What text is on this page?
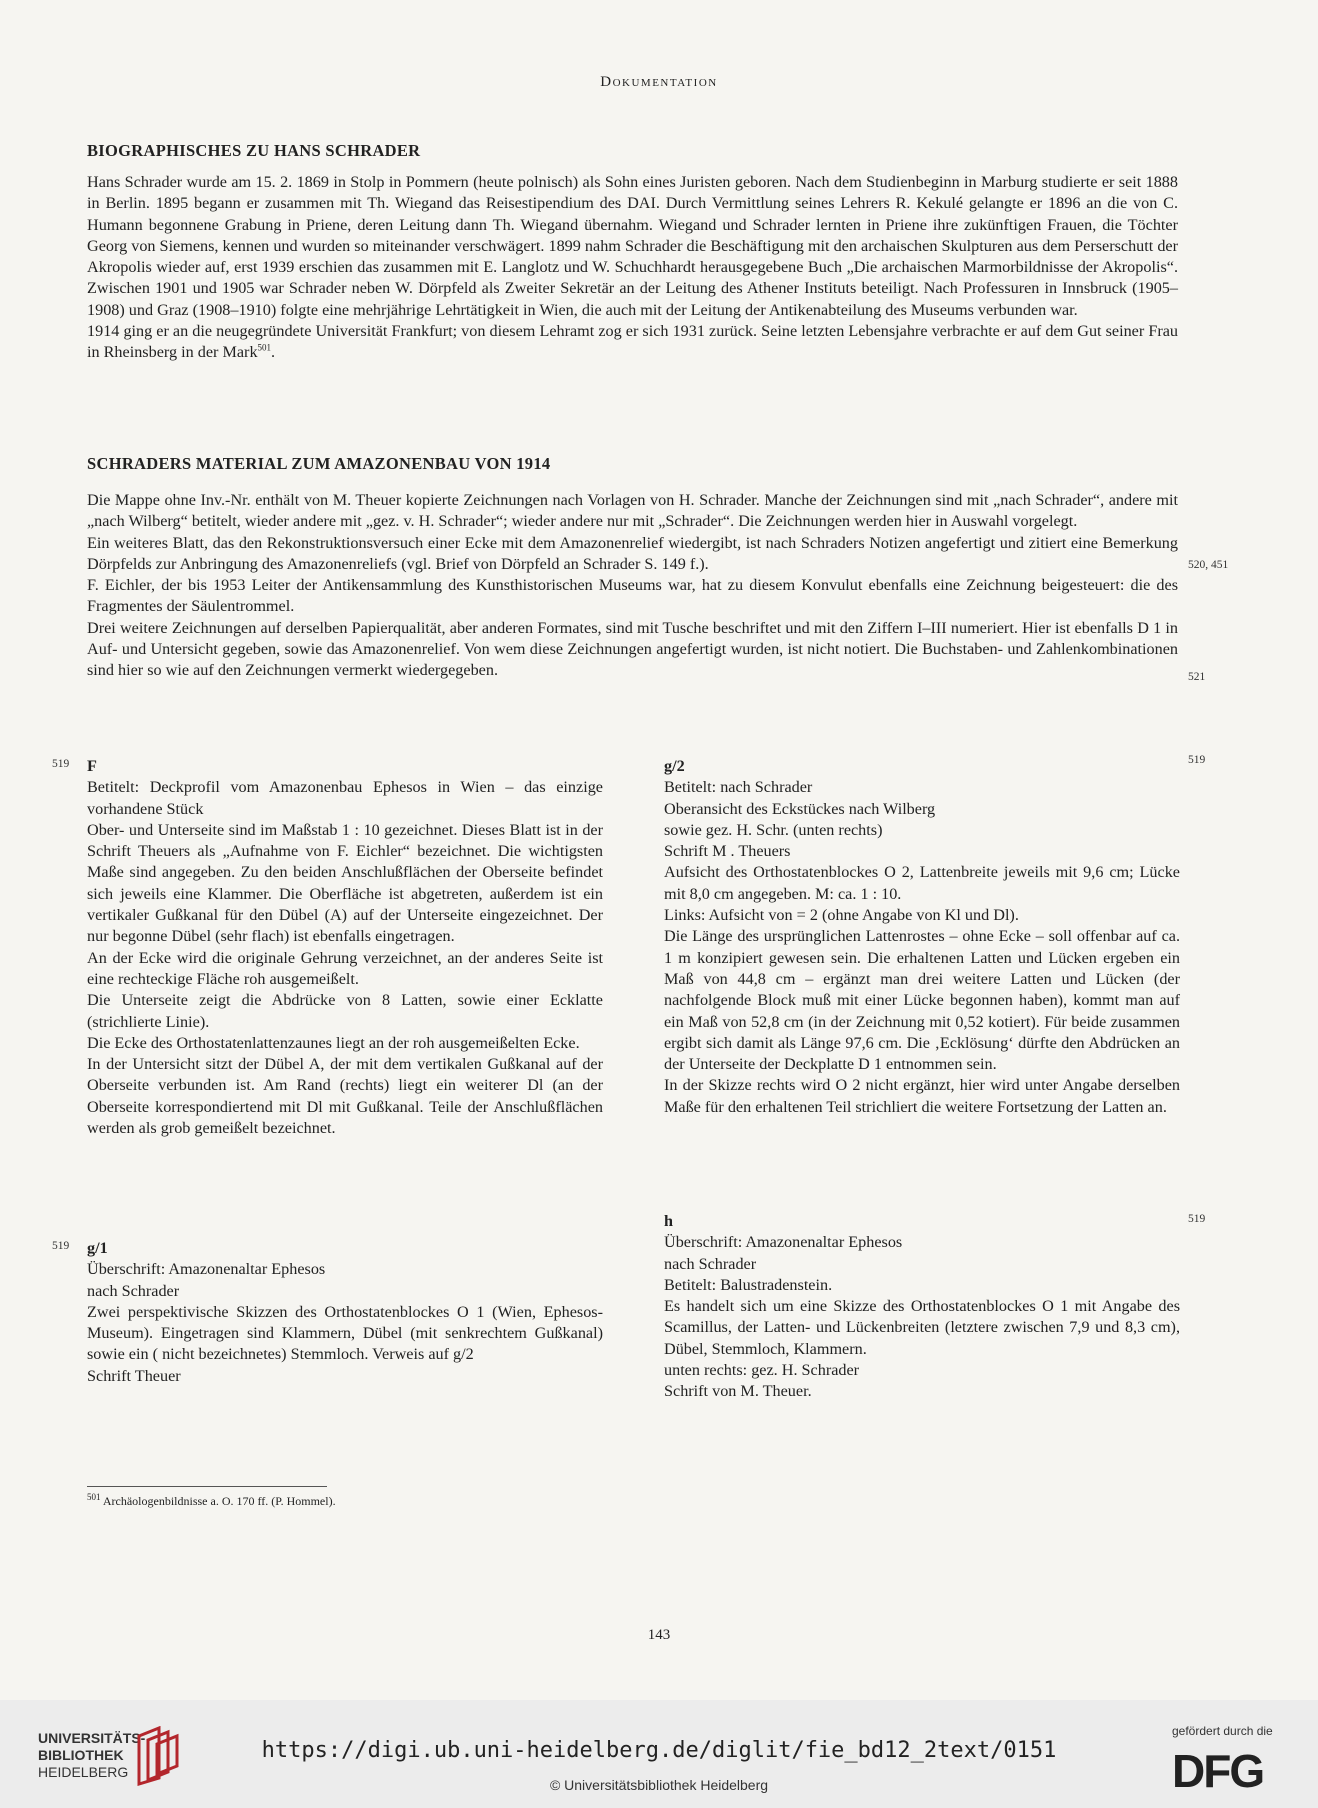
Dokumentation
BIOGRAPHISCHES ZU HANS SCHRADER

Hans Schrader wurde am 15. 2. 1869 in Stolp in Pommern (heute polnisch) als Sohn eines Juristen geboren. Nach dem Studienbeginn in Marburg studierte er seit 1888 in Berlin. 1895 begann er zusammen mit Th. Wiegand das Reisestipendium des DAI. Durch Vermittlung seines Lehrers R. Kekulé gelangte er 1896 an die von C. Humann begonnene Grabung in Priene, deren Leitung dann Th. Wiegand übernahm. Wiegand und Schrader lernten in Priene ihre zukünftigen Frauen, die Töchter Georg von Siemens, kennen und wurden so miteinander verschwägert. 1899 nahm Schrader die Beschäftigung mit den archaischen Skulpturen aus dem Perserschutt der Akropolis wieder auf, erst 1939 erschien das zusammen mit E. Langlotz und W. Schuchhardt herausgegebene Buch „Die archaischen Marmorbildnisse der Akropolis“. Zwischen 1901 und 1905 war Schrader neben W. Dörpfeld als Zweiter Sekretär an der Leitung des Athener Instituts beteiligt. Nach Professuren in Innsbruck (1905–1908) und Graz (1908–1910) folgte eine mehrjährige Lehrtätigkeit in Wien, die auch mit der Leitung der Antikenabteilung des Museums verbunden war.

1914 ging er an die neugegründete Universität Frankfurt; von diesem Lehramt zog er sich 1931 zurück. Seine letzten Lebensjahre verbrachte er auf dem Gut seiner Frau in Rheinsberg in der Mark$^{501}$.

SCHRADERS MATERIAL ZUM AMAZONENBAU VON 1914

Die Mappe ohne Inv.-Nr. enthält von M. Theuer kopierte Zeichnungen nach Vorlagen von H. Schrader. Manche der Zeichnungen sind mit „nach Schrader“, andere mit „nach Wilberg“ betitelt, wieder andere mit „gez. v. H. Schrader“; wieder andere nur mit „Schrader“. Die Zeichnungen werden hier in Auswahl vorgelegt.

Ein weiteres Blatt, das den Rekonstruktionsversuch einer Ecke mit dem Amazonenrelief wiedergibt, ist nach Schraders Notizen angefertigt und zitiert eine Bemerkung Dörpfelds zur Anbringung des Amazonenreliefs (vgl. Brief von Dörpfeld an Schrader S. 149 f.).

F. Eichler, der bis 1953 Leiter der Antikensammlung des Kunsthistorischen Museums war, hat zu diesem Konvulut ebenfalls eine Zeichnung beigesteuert: die des Fragmentes der Säulentrommel.

Drei weitere Zeichnungen auf derselben Papierqualität, aber anderen Formates, sind mit Tusche beschriftet und mit den Ziffern I–III numeriert. Hier ist ebenfalls D 1 in Auf- und Untersicht gegeben, sowie das Amazonenrelief. Von wem diese Zeichnungen angefertigt wurden, ist nicht notiert. Die Buchstaben- und Zahlenkombinationen sind hier so wie auf den Zeichnungen vermerkt wiedergegeben.

520, 451
521
519	519
519
519

F

Betitelt: Deckprofil vom Amazonenbau Ephesos in Wien – das einzige vorhandene Stück

Ober- und Unterseite sind im Maßstab 1 : 10 gezeichnet. Dieses Blatt ist in der Schrift Theuers als „Aufnahme von F. Eichler“ bezeichnet. Die wichtigsten Maße sind angegeben. Zu den beiden Anschlußflächen der Oberseite befindet sich jeweils eine Klammer. Die Oberfläche ist abgetreten, außerdem ist ein vertikaler Gußkanal für den Dübel (A) auf der Unterseite eingezeichnet. Der nur begonne Dübel (sehr flach) ist ebenfalls eingetragen.

An der Ecke wird die originale Gehrung verzeichnet, an der anderes Seite ist eine rechteckige Fläche roh ausgemeißelt.

Die Unterseite zeigt die Abdrücke von 8 Latten, sowie einer Ecklatte (strichlierte Linie).

Die Ecke des Orthostatenlattenzaunes liegt an der roh ausgemeißelten Ecke.

In der Untersicht sitzt der Dübel A, der mit dem vertikalen Gußkanal auf der Oberseite verbunden ist. Am Rand (rechts) liegt ein weiterer Dl (an der Oberseite korrespondiertend mit Dl mit Gußkanal. Teile der Anschlußflächen werden als grob gemeißelt bezeichnet.

g/1

Überschrift: Amazonenaltar Ephesos

nach Schrader

Zwei perspektivische Skizzen des Orthostatenblockes O 1 (Wien, Ephesos- Museum). Eingetragen sind Klammern, Dübel (mit senkrechtem Gußkanal) sowie ein ( nicht bezeichnetes) Stemmloch. Verweis auf g/2

Schrift Theuer

g/2

Betitelt: nach Schrader

Oberansicht des Eckstückes nach Wilberg

sowie gez. H. Schr. (unten rechts)

Schrift M . Theuers

Aufsicht des Orthostatenblockes O 2, Lattenbreite jeweils mit 9,6 cm; Lücke mit 8,0 cm angegeben. M: ca. 1 : 10.

Links: Aufsicht von = 2 (ohne Angabe von Kl und Dl).

Die Länge des ursprünglichen Lattenrostes – ohne Ecke – soll offenbar auf ca. 1 m konzipiert gewesen sein. Die erhaltenen Latten und Lücken ergeben ein Maß von 44,8 cm – ergänzt man drei weitere Latten und Lücken (der nachfolgende Block muß mit einer Lücke begonnen haben), kommt man auf ein Maß von 52,8 cm (in der Zeichnung mit 0,52 kotiert). Für beide zusammen ergibt sich damit als Länge 97,6 cm. Die ‚Ecklösung‘ dürfte den Abdrücken an der Unterseite der Deckplatte D 1 entnommen sein.

In der Skizze rechts wird O 2 nicht ergänzt, hier wird unter Angabe derselben Maße für den erhaltenen Teil strichliert die weitere Fortsetzung der Latten an.

h

Überschrift: Amazonenaltar Ephesos

nach Schrader

Betitelt: Balustradenstein.

Es handelt sich um eine Skizze des Orthostatenblockes O 1 mit Angabe des Scamillus, der Latten- und Lückenbreiten (letztere zwischen 7,9 und 8,3 cm), Dübel, Stemmloch, Klammern.

unten rechts: gez. H. Schrader

Schrift von M. Theuer.

$^{501}$ Archäologenbildnisse a. O. 170 ff. (P. Hommel).
143
UNIVERSITÄTS-
BIBLIOTHEK
HEIDELBERG
https://digi.ub.uni-heidelberg.de/diglit/fie_bd12_2text/0151
© Universitätsbibliothek Heidelberg
gefördert durch die
DFG
